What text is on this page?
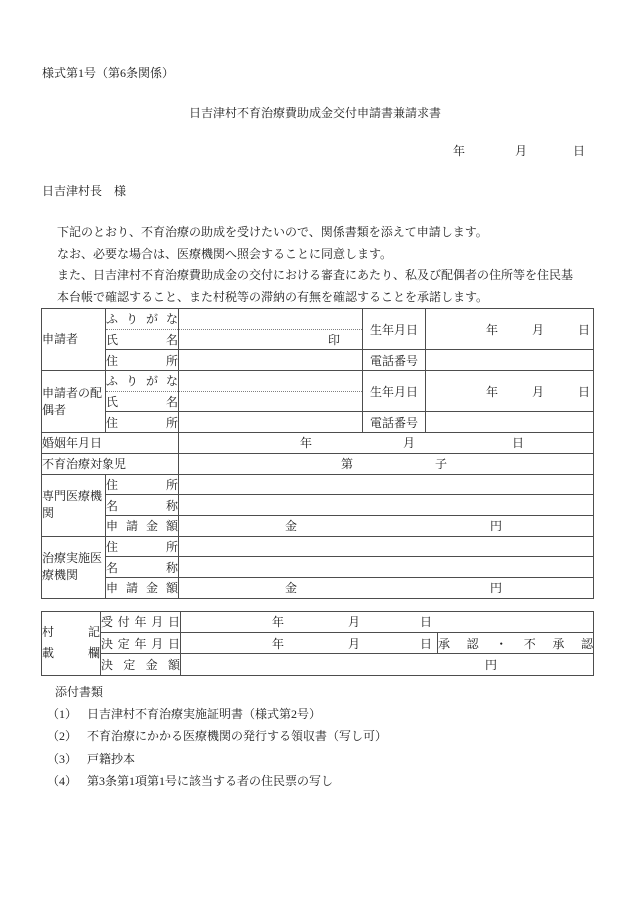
様式第1号（第6条関係）
日吉津村不育治療費助成金交付申請書兼請求書
年	月	日
日吉津村長　様
下記のとおり、不育治療の助成を受けたいので、関係書類を添えて申請します。
なお、必要な場合は、医療機関へ照会することに同意します。
また、日吉津村不育治療費助成金の交付における審査にあたり、私及び配偶者の住所等を住民基
本台帳で確認すること、また村税等の滞納の有無を確認することを承諾します。
申請者	ふりがな		生年月日	年 月 日

	氏名	印		

	住所		電話番号	
申請者の配偶者	ふりがな		生年月日	年 月 日

	氏名			
	住所		電話番号	
婚姻年月日		年 月 日		

不育治療対象児		第 子		

専門医療機関	住所			
	名称			
	申請金額	金 円		

治療実施医療機関	住所			
	名称			
	申請金額	金 円		
村記
載欄
	受付年月日	年	月	日

	決定年月日	年 月 日	承認・不承認
	決定金額	円	
添付書類
（1） 日吉津村不育治療実施証明書（様式第2号）
（2） 不育治療にかかる医療機関の発行する領収書（写し可）
（3） 戸籍抄本
（4） 第3条第1項第1号に該当する者の住民票の写し
